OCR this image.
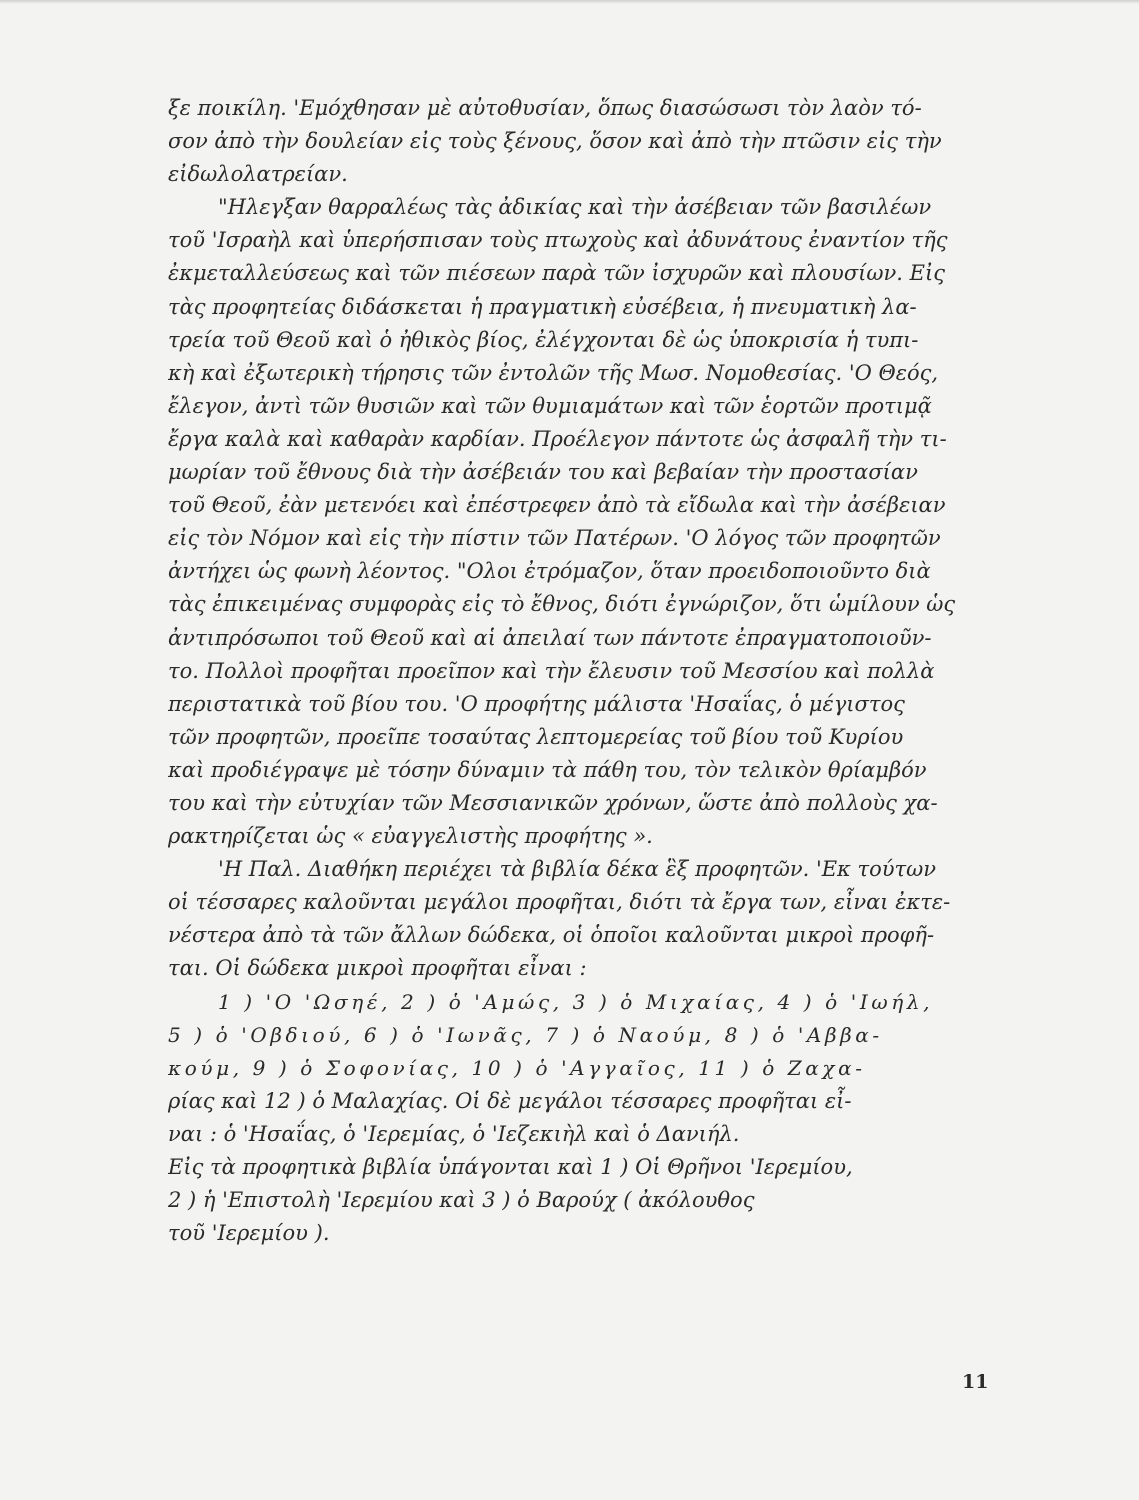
ξε ποικίλη. 'Εμόχθησαν μὲ αὐτοθυσίαν, ὅπως διασώσωσι τὸν λαὸν τό-
σον ἀπὸ τὴν δουλείαν εἰς τοὺς ξένους, ὅσον καὶ ἀπὸ τὴν πτῶσιν εἰς τὴν
εἰδωλολατρείαν.
"Ηλεγξαν θαρραλέως τὰς ἀδικίας καὶ τὴν ἀσέβειαν τῶν βασιλέων
τοῦ 'Ισραὴλ καὶ ὑπερήσπισαν τοὺς πτωχοὺς καὶ ἀδυνάτους ἐναντίον τῆς
ἐκμεταλλεύσεως καὶ τῶν πιέσεων παρὰ τῶν ἰσχυρῶν καὶ πλουσίων. Εἰς
τὰς προφητείας διδάσκεται ἡ πραγματικὴ εὐσέβεια, ἡ πνευματικὴ λα-
τρεία τοῦ Θεοῦ καὶ ὁ ἠθικὸς βίος, ἐλέγχονται δὲ ὡς ὑποκρισία ἡ τυπι-
κὴ καὶ ἐξωτερικὴ τήρησις τῶν ἐντολῶν τῆς Μωσ. Νομοθεσίας. 'Ο Θεός,
ἔλεγον, ἀντὶ τῶν θυσιῶν καὶ τῶν θυμιαμάτων καὶ τῶν ἑορτῶν προτιμᾷ
ἔργα καλὰ καὶ καθαρὰν καρδίαν. Προέλεγον πάντοτε ὡς ἀσφαλῆ τὴν τι-
μωρίαν τοῦ ἔθνους διὰ τὴν ἀσέβειάν του καὶ βεβαίαν τὴν προστασίαν
τοῦ Θεοῦ, ἐὰν μετενόει καὶ ἐπέστρεφεν ἀπὸ τὰ εἴδωλα καὶ τὴν ἀσέβειαν
εἰς τὸν Νόμον καὶ εἰς τὴν πίστιν τῶν Πατέρων. 'Ο λόγος τῶν προφητῶν
ἀντήχει ὡς φωνὴ λέοντος. "Ολοι ἐτρόμαζον, ὅταν προειδοποιοῦντο διὰ
τὰς ἐπικειμένας συμφορὰς εἰς τὸ ἔθνος, διότι ἐγνώριζον, ὅτι ὡμίλουν ὡς
ἀντιπρόσωποι τοῦ Θεοῦ καὶ αἱ ἀπειλαί των πάντοτε ἐπραγματοποιοῦν-
το. Πολλοὶ προφῆται προεῖπον καὶ τὴν ἔλευσιν τοῦ Μεσσίου καὶ πολλὰ
περιστατικὰ τοῦ βίου του. 'Ο προφήτης μάλιστα 'Ησαΐας, ὁ μέγιστος
τῶν προφητῶν, προεῖπε τοσαύτας λεπτομερείας τοῦ βίου τοῦ Κυρίου
καὶ προδιέγραψε μὲ τόσην δύναμιν τὰ πάθη του, τὸν τελικὸν θρίαμβόν
του καὶ τὴν εὐτυχίαν τῶν Μεσσιανικῶν χρόνων, ὥστε ἀπὸ πολλοὺς χα-
ρακτηρίζεται ὡς « εὐαγγελιστὴς προφήτης ».
'Η Παλ. Διαθήκη περιέχει τὰ βιβλία δέκα ἓξ προφητῶν. 'Εκ τούτων
οἱ τέσσαρες καλοῦνται μεγάλοι προφῆται, διότι τὰ ἔργα των, εἶναι ἐκτε-
νέστερα ἀπὸ τὰ τῶν ἄλλων δώδεκα, οἱ ὁποῖοι καλοῦνται μικροὶ προφῆ-
ται. Οἱ δώδεκα μικροὶ προφῆται εἶναι :
1 ) 'Ο 'Ωσηέ, 2 ) ὁ 'Αμώς, 3 ) ὁ Μιχαίας, 4 ) ὁ 'Ιωήλ,
5 ) ὁ 'Οβδιού, 6 ) ὁ 'Ιωνᾶς, 7 ) ὁ Ναούμ, 8 ) ὁ 'Αββα-
κούμ, 9 ) ὁ Σοφονίας, 10 ) ὁ 'Αγγαῖος, 11 ) ὁ Ζαχα-
ρίας καὶ 12 ) ὁ Μαλαχίας. Οἱ δὲ μεγάλοι τέσσαρες προφῆται εἶ-
ναι : ὁ 'Ησαΐας, ὁ 'Ιερεμίας, ὁ 'Ιεζεκιὴλ καὶ ὁ Δανιήλ.
Εἰς τὰ προφητικὰ βιβλία ὑπάγονται καὶ 1 ) Οἱ Θρῆνοι 'Ιερεμίου,
2 ) ἡ 'Επιστολὴ 'Ιερεμίου καὶ 3 ) ὁ Βαρούχ ( ἀκόλουθος
τοῦ 'Ιερεμίου ).
11
